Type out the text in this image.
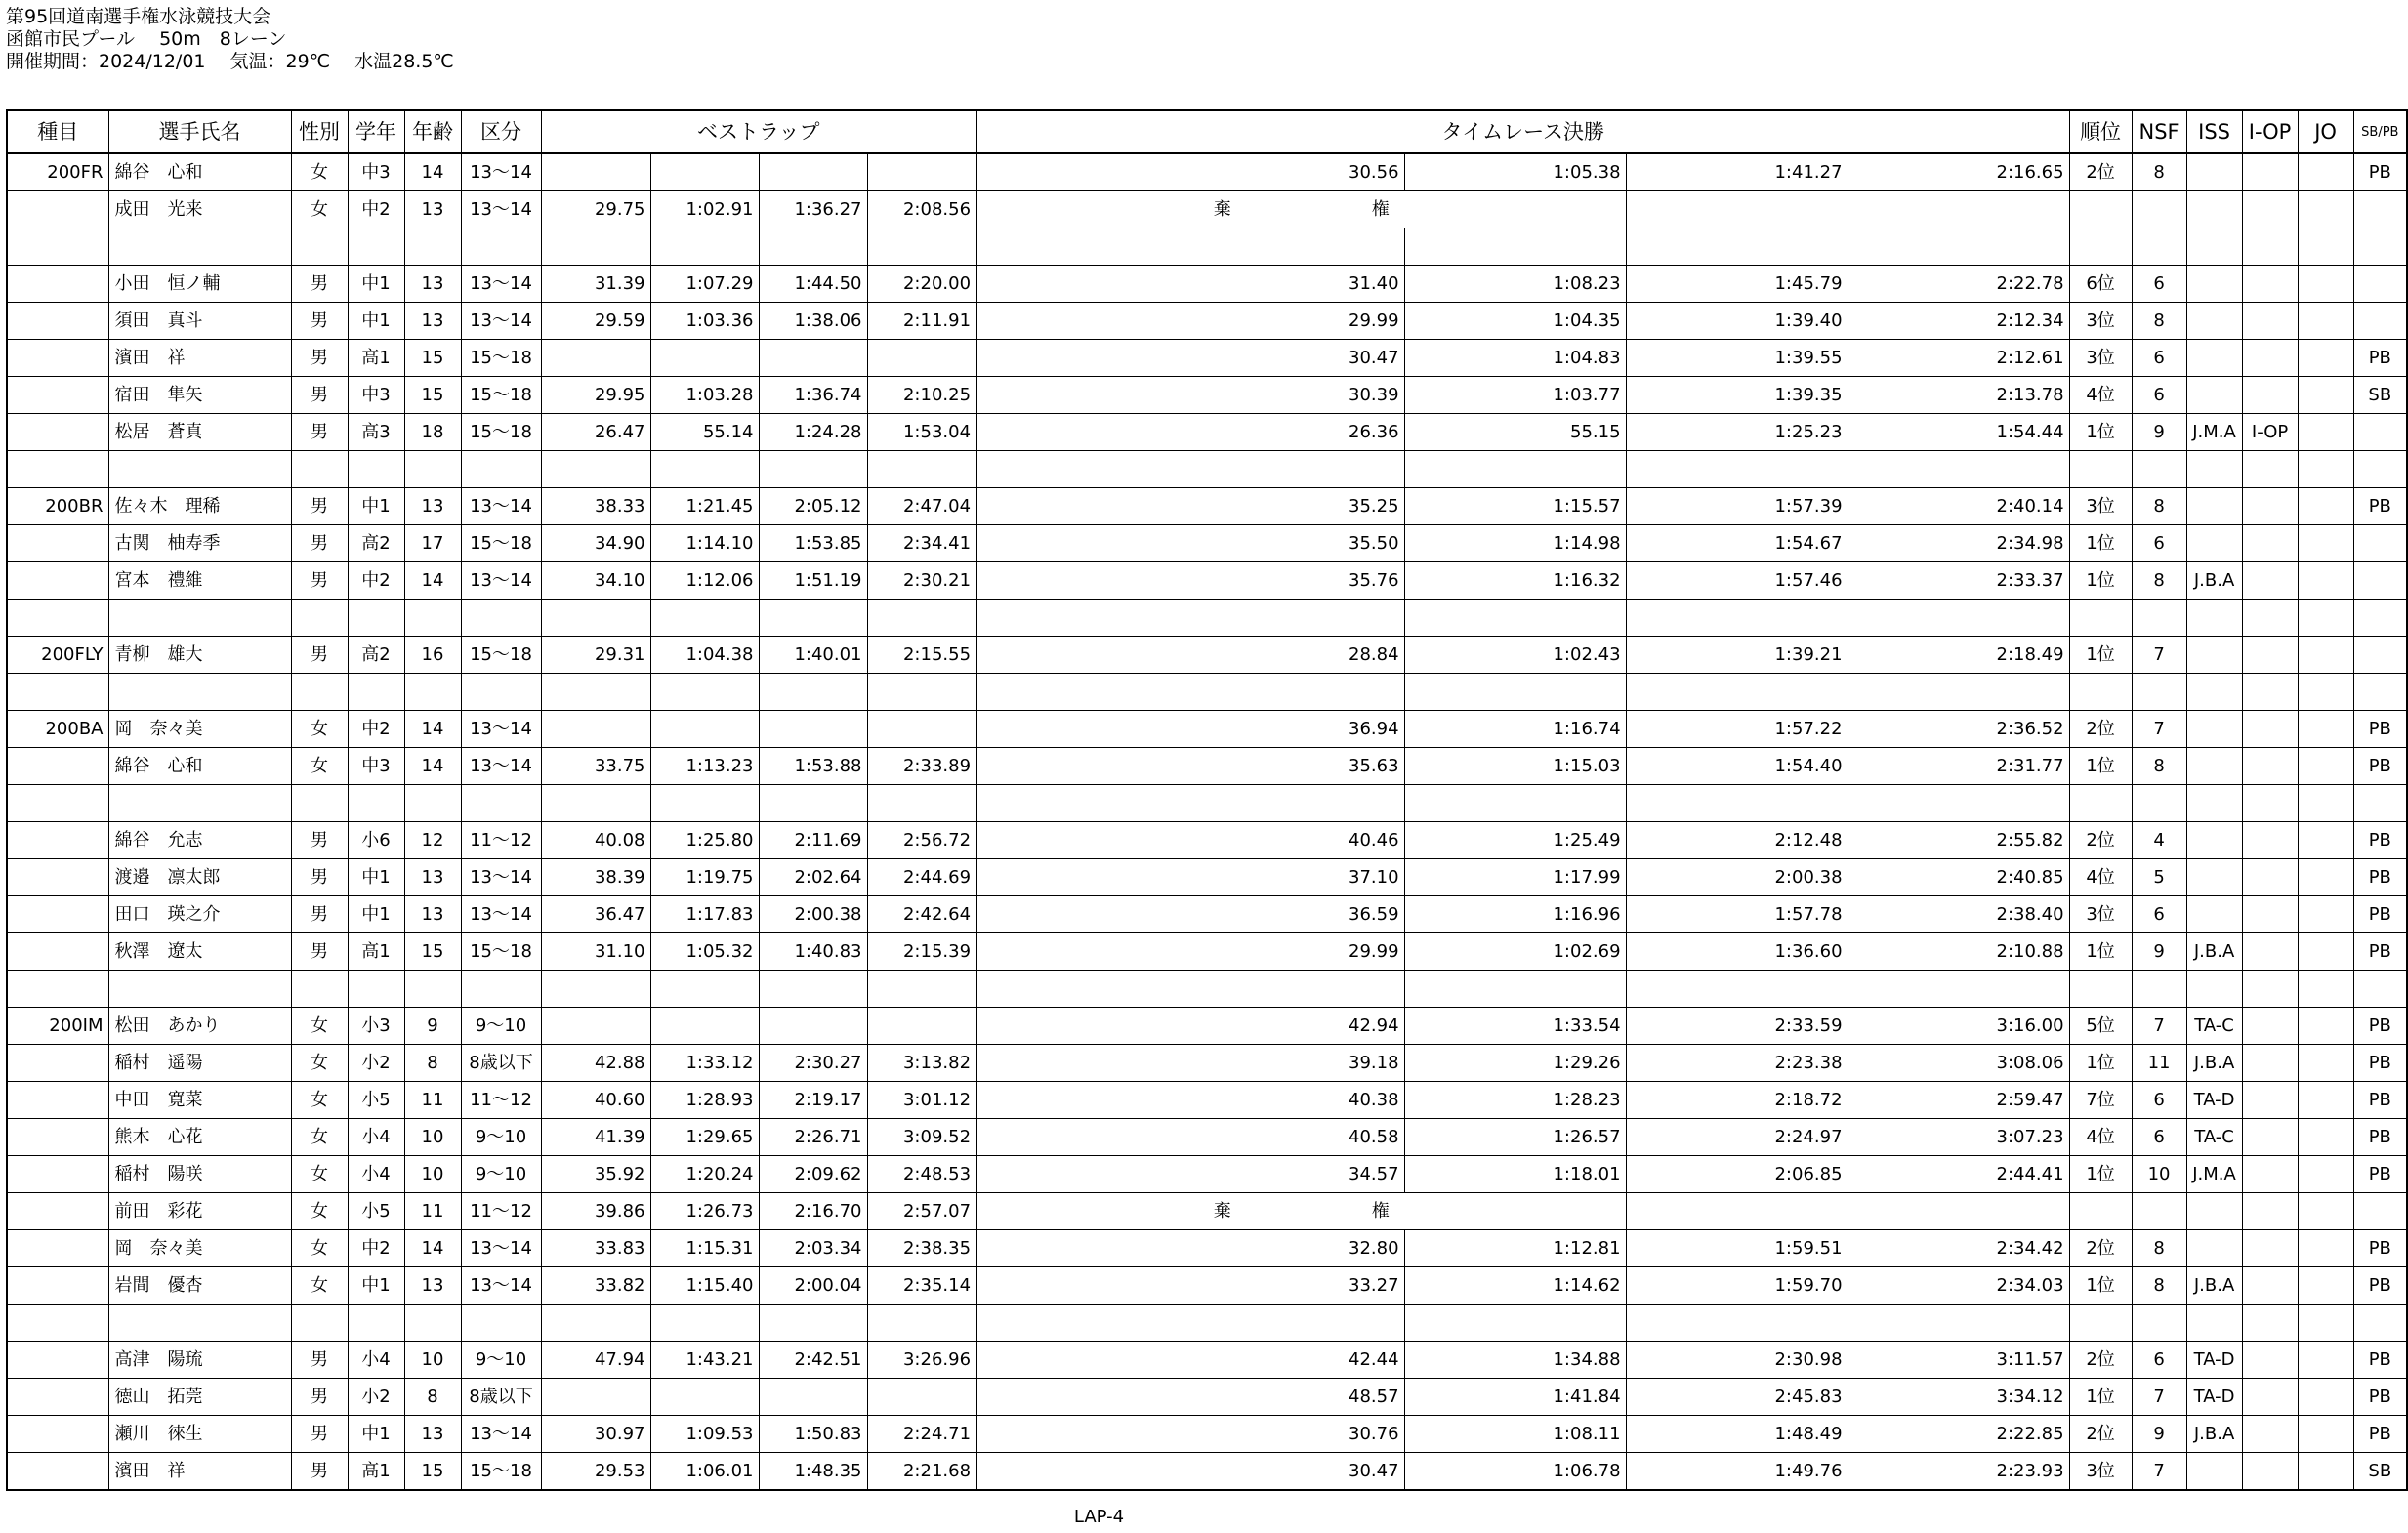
第95回道南選手権水泳競技大会
函館市民プール　 50m　8レーン
開催期間：2024/12/01　 気温：29℃　 水温28.5℃
種目	選手氏名	性別	学年	年齢	区分	ベストラップ				タイムレース決勝				順位	NSF	ISS	I-OP	JO	SB/PB
200FR	綿谷　心和	女	中3	14	13～14					30.56	1:05.38	1:41.27	2:16.65	2位	8				PB
	成田　光来	女	中2	13	13～14	29.75	1:02.91	1:36.27	2:08.56	棄　　　　　　　　権									

	小田　恒ノ輔	男	中1	13	13～14	31.39	1:07.29	1:44.50	2:20.00	31.40	1:08.23	1:45.79	2:22.78	6位	6				
	須田　真斗	男	中1	13	13～14	29.59	1:03.36	1:38.06	2:11.91	29.99	1:04.35	1:39.40	2:12.34	3位	8				
	濱田　祥	男	高1	15	15～18					30.47	1:04.83	1:39.55	2:12.61	3位	6				PB
	宿田　隼矢	男	中3	15	15～18	29.95	1:03.28	1:36.74	2:10.25	30.39	1:03.77	1:39.35	2:13.78	4位	6				SB
	松居　蒼真	男	高3	18	15～18	26.47	55.14	1:24.28	1:53.04	26.36	55.15	1:25.23	1:54.44	1位	9	J.M.A	I-OP		

200BR	佐々木　理稀	男	中1	13	13～14	38.33	1:21.45	2:05.12	2:47.04	35.25	1:15.57	1:57.39	2:40.14	3位	8				PB
	古関　柚寿季	男	高2	17	15～18	34.90	1:14.10	1:53.85	2:34.41	35.50	1:14.98	1:54.67	2:34.98	1位	6				
	宮本　禮維	男	中2	14	13～14	34.10	1:12.06	1:51.19	2:30.21	35.76	1:16.32	1:57.46	2:33.37	1位	8	J.B.A			

200FLY	青柳　雄大	男	高2	16	15～18	29.31	1:04.38	1:40.01	2:15.55	28.84	1:02.43	1:39.21	2:18.49	1位	7				

200BA	岡　奈々美	女	中2	14	13～14					36.94	1:16.74	1:57.22	2:36.52	2位	7				PB
	綿谷　心和	女	中3	14	13～14	33.75	1:13.23	1:53.88	2:33.89	35.63	1:15.03	1:54.40	2:31.77	1位	8				PB

	綿谷　允志	男	小6	12	11～12	40.08	1:25.80	2:11.69	2:56.72	40.46	1:25.49	2:12.48	2:55.82	2位	4				PB
	渡邉　凛太郎	男	中1	13	13～14	38.39	1:19.75	2:02.64	2:44.69	37.10	1:17.99	2:00.38	2:40.85	4位	5				PB
	田口　瑛之介	男	中1	13	13～14	36.47	1:17.83	2:00.38	2:42.64	36.59	1:16.96	1:57.78	2:38.40	3位	6				PB
	秋澤　遼太	男	高1	15	15～18	31.10	1:05.32	1:40.83	2:15.39	29.99	1:02.69	1:36.60	2:10.88	1位	9	J.B.A			PB

200IM	松田　あかり	女	小3	9	9～10					42.94	1:33.54	2:33.59	3:16.00	5位	7	TA-C			PB
	稲村　遥陽	女	小2	8	8歳以下	42.88	1:33.12	2:30.27	3:13.82	39.18	1:29.26	2:23.38	3:08.06	1位	11	J.B.A			PB
	中田　寛菜	女	小5	11	11～12	40.60	1:28.93	2:19.17	3:01.12	40.38	1:28.23	2:18.72	2:59.47	7位	6	TA-D			PB
	熊木　心花	女	小4	10	9～10	41.39	1:29.65	2:26.71	3:09.52	40.58	1:26.57	2:24.97	3:07.23	4位	6	TA-C			PB
	稲村　陽咲	女	小4	10	9～10	35.92	1:20.24	2:09.62	2:48.53	34.57	1:18.01	2:06.85	2:44.41	1位	10	J.M.A			PB
	前田　彩花	女	小5	11	11～12	39.86	1:26.73	2:16.70	2:57.07	棄　　　　　　　　権									
	岡　奈々美	女	中2	14	13～14	33.83	1:15.31	2:03.34	2:38.35	32.80	1:12.81	1:59.51	2:34.42	2位	8				PB
	岩間　優杏	女	中1	13	13～14	33.82	1:15.40	2:00.04	2:35.14	33.27	1:14.62	1:59.70	2:34.03	1位	8	J.B.A			PB

	高津　陽琉	男	小4	10	9～10	47.94	1:43.21	2:42.51	3:26.96	42.44	1:34.88	2:30.98	3:11.57	2位	6	TA-D			PB
	徳山　拓莞	男	小2	8	8歳以下					48.57	1:41.84	2:45.83	3:34.12	1位	7	TA-D			PB
	瀬川　徠生	男	中1	13	13～14	30.97	1:09.53	1:50.83	2:24.71	30.76	1:08.11	1:48.49	2:22.85	2位	9	J.B.A			PB
	濱田　祥	男	高1	15	15～18	29.53	1:06.01	1:48.35	2:21.68	30.47	1:06.78	1:49.76	2:23.93	3位	7				SB
LAP-4
